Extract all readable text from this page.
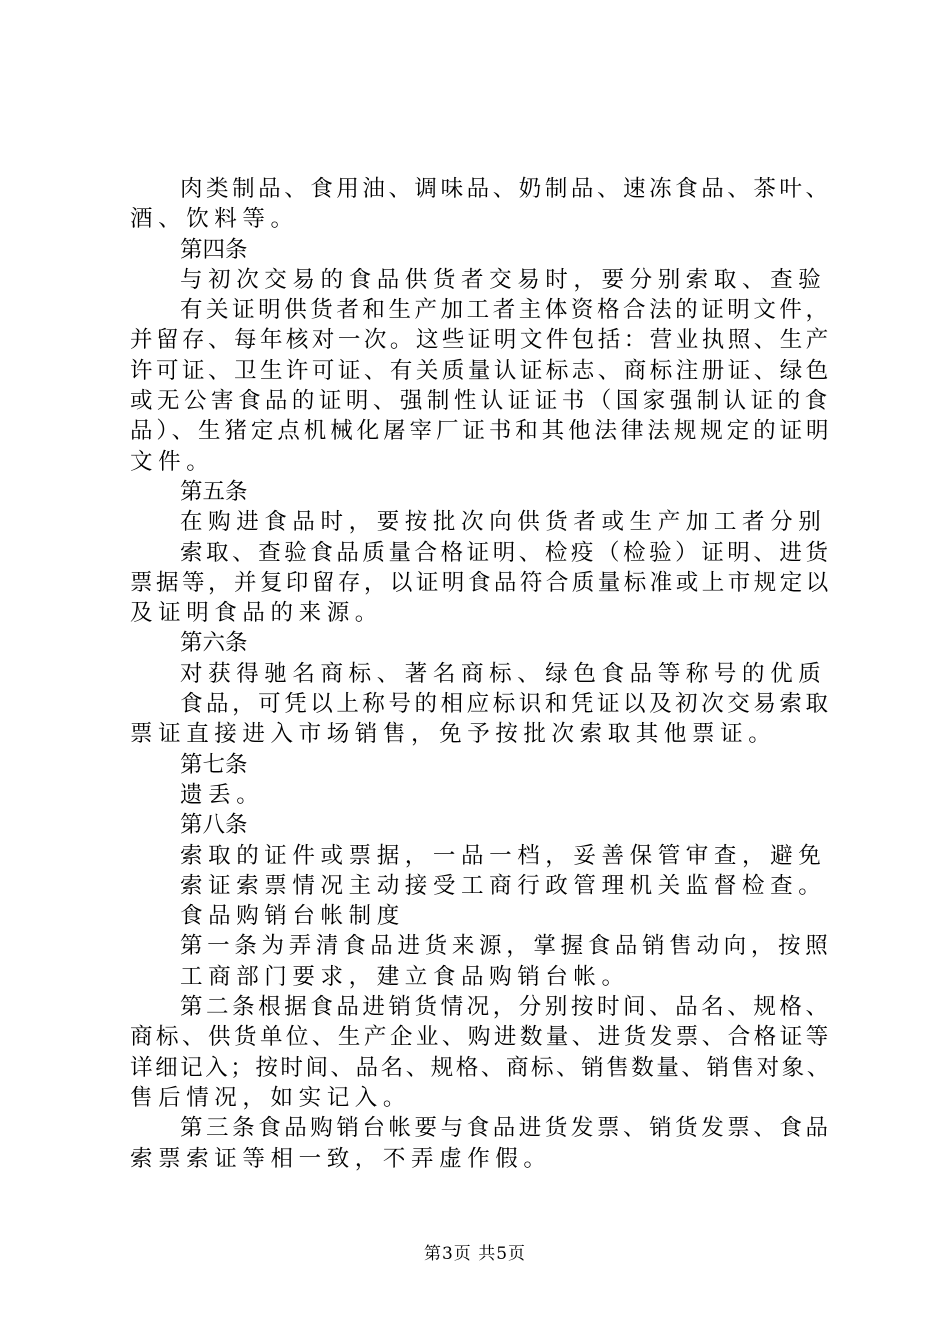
肉类制品、食用油、调味品、奶制品、速冻食品、茶叶、
酒、饮料等。
第四条
与初次交易的食品供货者交易时，要分别索取、查验
有关证明供货者和生产加工者主体资格合法的证明文件，
并留存、每年核对一次。这些证明文件包括：营业执照、生产
许可证、卫生许可证、有关质量认证标志、商标注册证、绿色
或无公害食品的证明、强制性认证证书（国家强制认证的食
品）、生猪定点机械化屠宰厂证书和其他法律法规规定的证明
文件。
第五条
在购进食品时，要按批次向供货者或生产加工者分别
索取、查验食品质量合格证明、检疫（检验）证明、进货
票据等，并复印留存，以证明食品符合质量标准或上市规定以
及证明食品的来源。
第六条
对获得驰名商标、著名商标、绿色食品等称号的优质
食品，可凭以上称号的相应标识和凭证以及初次交易索取
票证直接进入市场销售，免予按批次索取其他票证。
第七条
遗丢。
第八条
索取的证件或票据，一品一档，妥善保管审查，避免
索证索票情况主动接受工商行政管理机关监督检查。
食品购销台帐制度
第一条为弄清食品进货来源，掌握食品销售动向，按照
工商部门要求，建立食品购销台帐。
第二条根据食品进销货情况，分别按时间、品名、规格、
商标、供货单位、生产企业、购进数量、进货发票、合格证等
详细记入；按时间、品名、规格、商标、销售数量、销售对象、
售后情况，如实记入。
第三条食品购销台帐要与食品进货发票、销货发票、食品
索票索证等相一致，不弄虚作假。
第3页 共5页
